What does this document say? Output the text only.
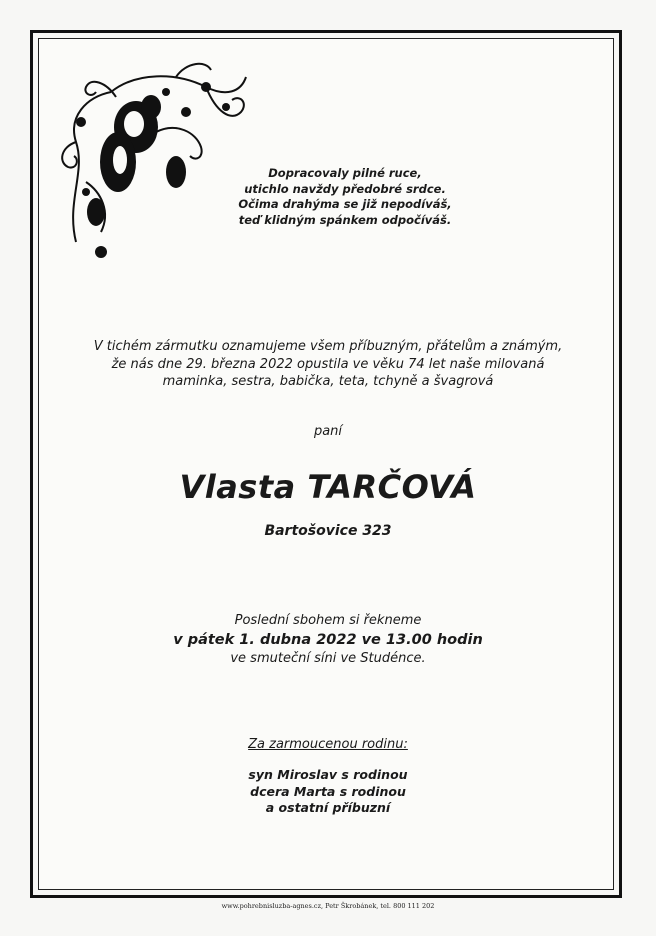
Dopracovaly pilné ruce,
utichlo navždy předobré srdce.
Očima drahýma se již nepodíváš,
teď klidným spánkem odpočíváš.
V tichém zármutku oznamujeme všem příbuzným, přátelům a známým,
že nás dne 29. března 2022 opustila ve věku 74 let naše milovaná
maminka, sestra, babička, teta, tchyně a švagrová
paní
Vlasta TARČOVÁ
Bartošovice 323
Poslední sbohem si řekneme
v pátek 1. dubna 2022 ve 13.00 hodin
ve smuteční síni ve Studénce.
Za zarmoucenou rodinu:
syn Miroslav s rodinou
dcera Marta s rodinou
a ostatní příbuzní
www.pohrebnisluzba-agnes.cz, Petr Škrobánek, tel. 800 111 202
